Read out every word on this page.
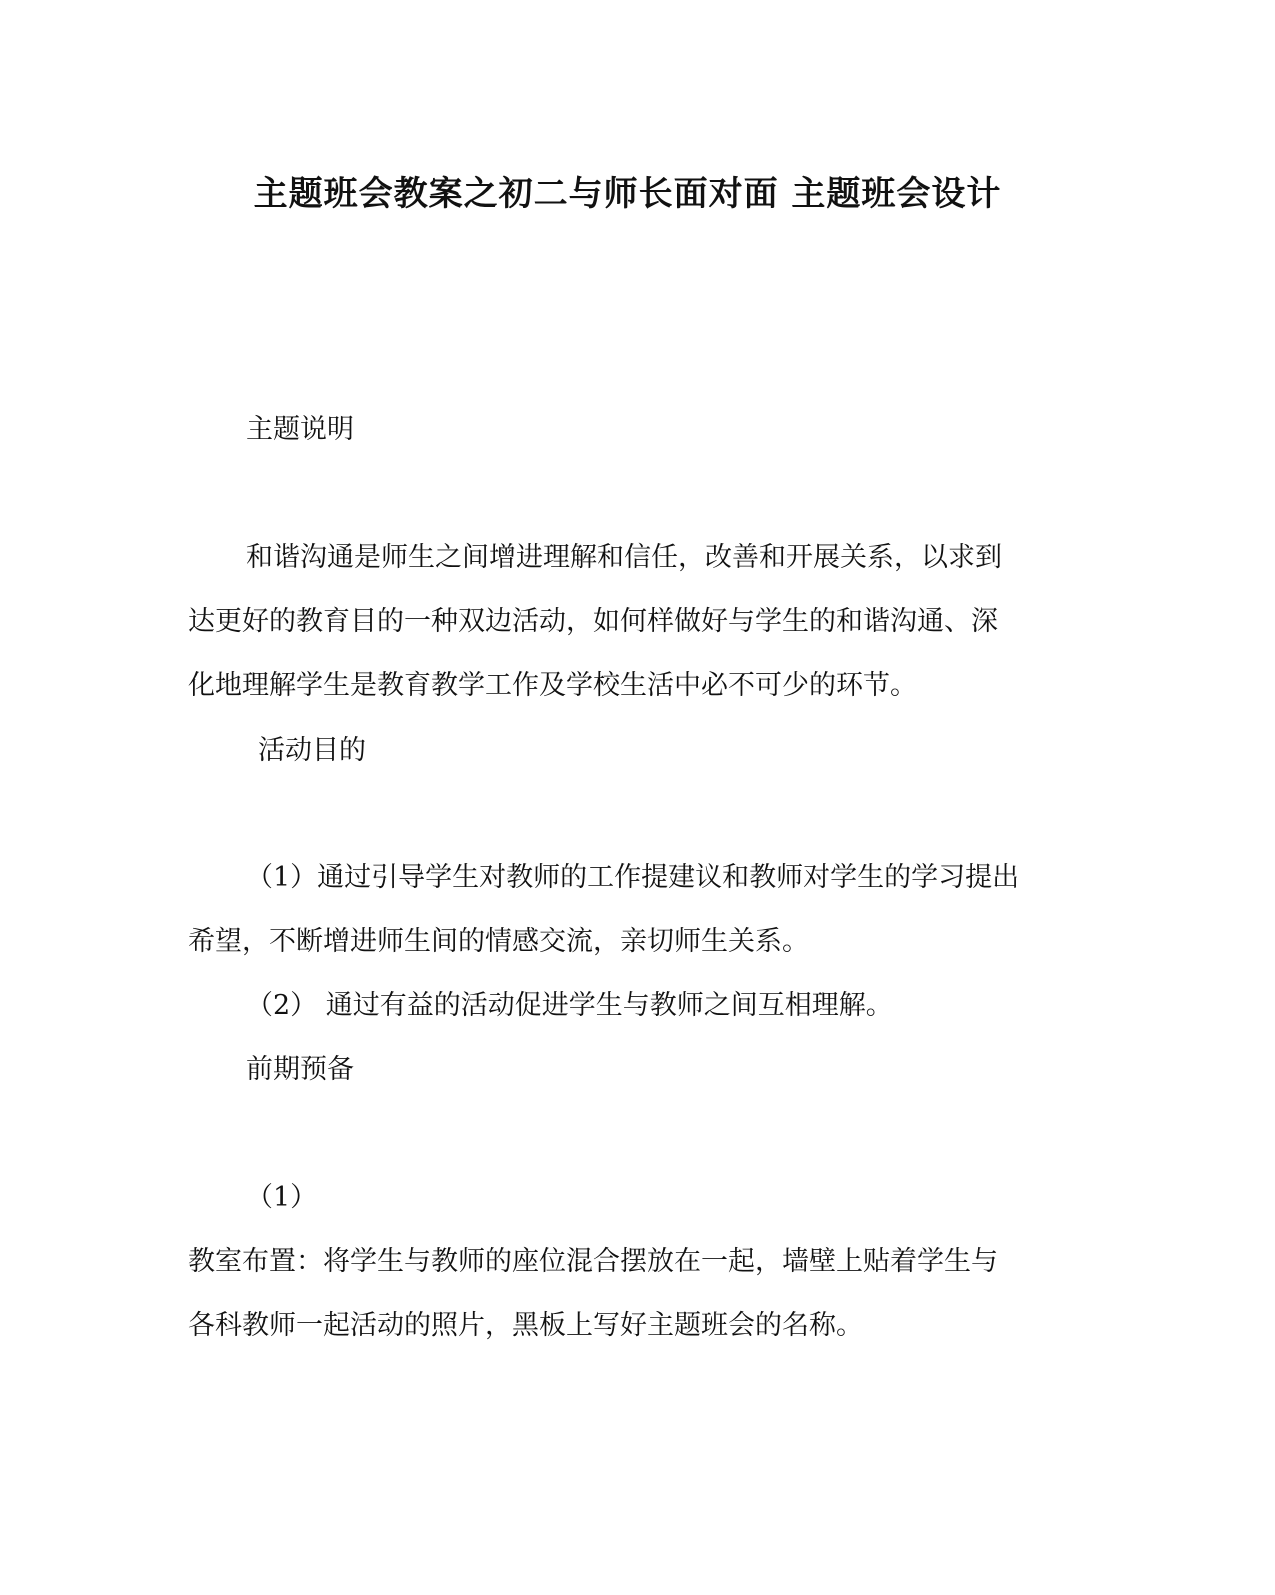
主题班会教案之初二与师长面对面 主题班会设计
主题说明
和谐沟通是师生之间增进理解和信任，改善和开展关系，以求到
达更好的教育目的一种双边活动，如何样做好与学生的和谐沟通、深
化地理解学生是教育教学工作及学校生活中必不可少的环节。
活动目的
（1）通过引导学生对教师的工作提建议和教师对学生的学习提出
希望，不断增进师生间的情感交流，亲切师生关系。
（2） 通过有益的活动促进学生与教师之间互相理解。
前期预备
（1）
教室布置：将学生与教师的座位混合摆放在一起，墙壁上贴着学生与
各科教师一起活动的照片，黑板上写好主题班会的名称。
